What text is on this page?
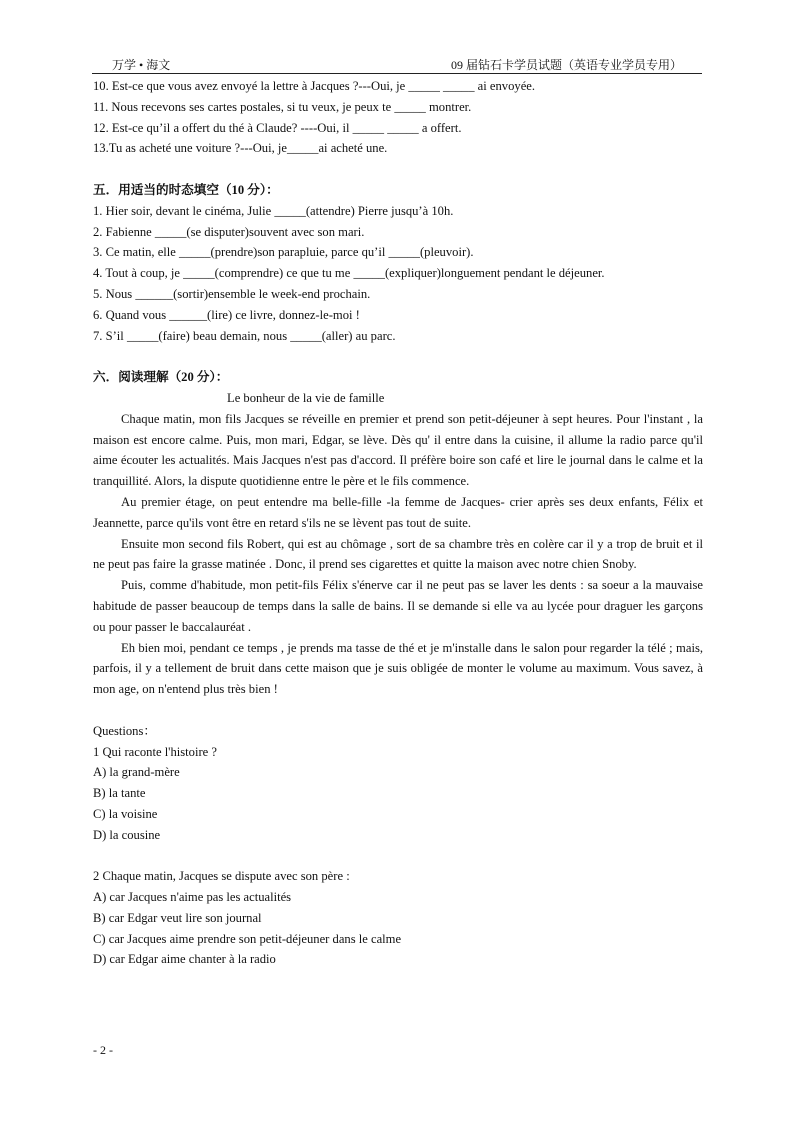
万学 • 海文	09 届钻石卡学员试题（英语专业学员专用）
10. Est-ce que vous avez envoyé la lettre à Jacques ?---Oui, je _____ _____ ai envoyée.
11. Nous recevons ses cartes postales, si tu veux, je peux te _____ montrer.
12. Est-ce qu’il a offert du thé à Claude? ----Oui, il _____ _____ a offert.
13.Tu as acheté une voiture ?---Oui, je_____ai acheté une.
五．用适当的时态填空（10 分）：
1. Hier soir, devant le cinéma, Julie _____(attendre) Pierre jusqu’à 10h.
2. Fabienne _____(se disputer)souvent avec son mari.
3. Ce matin, elle _____(prendre)son parapluie, parce qu’il _____(pleuvoir).
4. Tout à coup, je _____(comprendre) ce que tu me _____(expliquer)longuement pendant le déjeuner.
5. Nous ______(sortir)ensemble le week-end prochain.
6. Quand vous ______(lire) ce livre, donnez-le-moi !
7. S’il _____(faire) beau demain, nous _____(aller) au parc.
六．阅读理解（20 分）：
Le bonheur de la vie de famille
Chaque matin, mon fils Jacques se réveille en premier et prend son petit-déjeuner à sept heures. Pour l'instant , la maison est encore calme. Puis, mon mari, Edgar, se lève. Dès qu' il entre dans la cuisine, il allume la radio parce qu'il aime écouter les actualités. Mais Jacques n'est pas d'accord. Il préfère boire son café et lire le journal dans le calme et la tranquillité. Alors, la dispute quotidienne entre le père et le fils commence.
Au premier étage, on peut entendre ma belle-fille -la femme de Jacques- crier après ses deux enfants, Félix et Jeannette, parce qu'ils vont être en retard s'ils ne se lèvent pas tout de suite.
Ensuite mon second fils Robert, qui est au chômage , sort de sa chambre très en colère car il y a trop de bruit et il ne peut pas faire la grasse matinée . Donc, il prend ses cigarettes et quitte la maison avec notre chien Snoby.
Puis, comme d'habitude, mon petit-fils Félix s'énerve car il ne peut pas se laver les dents : sa soeur a la mauvaise habitude de passer beaucoup de temps dans la salle de bains. Il se demande si elle va au lycée pour draguer les garçons ou pour passer le baccalauréat .
Eh bien moi, pendant ce temps , je prends ma tasse de thé et je m'installe dans le salon pour regarder la télé ; mais, parfois, il y a tellement de bruit dans cette maison que je suis obligée de monter le volume au maximum. Vous savez, à mon age, on n'entend plus très bien !
Questions：
1 Qui raconte l'histoire ?
A) la grand-mère
B) la tante
C) la voisine
D) la cousine
2 Chaque matin, Jacques se dispute avec son père :
A) car Jacques n'aime pas les actualités
B) car Edgar veut lire son journal
C) car Jacques aime prendre son petit-déjeuner dans le calme
D) car Edgar aime chanter à la radio
- 2 -
